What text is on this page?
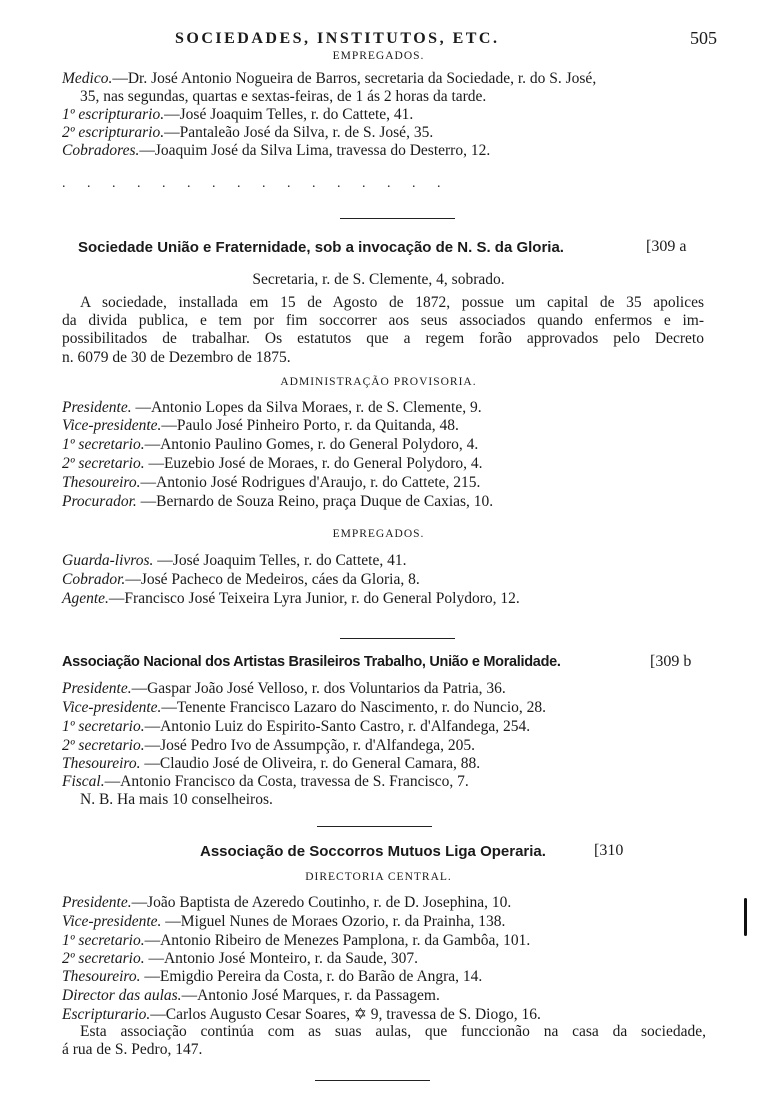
SOCIEDADES, INSTITUTOS, ETC.	505
EMPREGADOS.
Medico.—Dr. José Antonio Nogueira de Barros, secretaria da Sociedade, r. do S. José,
35, nas segundas, quartas e sextas-feiras, de 1 ás 2 horas da tarde.
1º escripturario.—José Joaquim Telles, r. do Cattete, 41.
2º escripturario.—Pantaleão José da Silva, r. de S. José, 35.
Cobradores.—Joaquim José da Silva Lima, travessa do Desterro, 12.
. . . . . . . . . . . . . . . .
Sociedade União e Fraternidade, sob a invocação de N. S. da Gloria.	[309 a
Secretaria, r. de S. Clemente, 4, sobrado.
A sociedade, installada em 15 de Agosto de 1872, possue um capital de 35 apolices
da divida publica, e tem por fim soccorrer aos seus associados quando enfermos e im-
possibilitados de trabalhar. Os estatutos que a regem forão approvados pelo Decreto
n. 6079 de 30 de Dezembro de 1875.
ADMINISTRAÇÃO PROVISORIA.
Presidente. —Antonio Lopes da Silva Moraes, r. de S. Clemente, 9.
Vice-presidente.—Paulo José Pinheiro Porto, r. da Quitanda, 48.
1º secretario.—Antonio Paulino Gomes, r. do General Polydoro, 4.
2º secretario. —Euzebio José de Moraes, r. do General Polydoro, 4.
Thesoureiro.—Antonio José Rodrigues d'Araujo, r. do Cattete, 215.
Procurador. —Bernardo de Souza Reino, praça Duque de Caxias, 10.
EMPREGADOS.
Guarda-livros. —José Joaquim Telles, r. do Cattete, 41.
Cobrador.—José Pacheco de Medeiros, cáes da Gloria, 8.
Agente.—Francisco José Teixeira Lyra Junior, r. do General Polydoro, 12.
Associação Nacional dos Artistas Brasileiros Trabalho, União e Moralidade.	[309 b
Presidente.—Gaspar João José Velloso, r. dos Voluntarios da Patria, 36.
Vice-presidente.—Tenente Francisco Lazaro do Nascimento, r. do Nuncio, 28.
1º secretario.—Antonio Luiz do Espirito-Santo Castro, r. d'Alfandega, 254.
2º secretario.—José Pedro Ivo de Assumpção, r. d'Alfandega, 205.
Thesoureiro. —Claudio José de Oliveira, r. do General Camara, 88.
Fiscal.—Antonio Francisco da Costa, travessa de S. Francisco, 7.
N. B. Ha mais 10 conselheiros.
Associação de Soccorros Mutuos Liga Operaria.	[310
DIRECTORIA CENTRAL.
Presidente.—João Baptista de Azeredo Coutinho, r. de D. Josephina, 10.
Vice-presidente. —Miguel Nunes de Moraes Ozorio, r. da Prainha, 138.
1º secretario.—Antonio Ribeiro de Menezes Pamplona, r. da Gambôa, 101.
2º secretario. —Antonio José Monteiro, r. da Saude, 307.
Thesoureiro. —Emigdio Pereira da Costa, r. do Barão de Angra, 14.
Director das aulas.—Antonio José Marques, r. da Passagem.
Escripturario.—Carlos Augusto Cesar Soares, ✡ 9, travessa de S. Diogo, 16.
Esta associação continúa com as suas aulas, que funccionão na casa da sociedade,
á rua de S. Pedro, 147.
